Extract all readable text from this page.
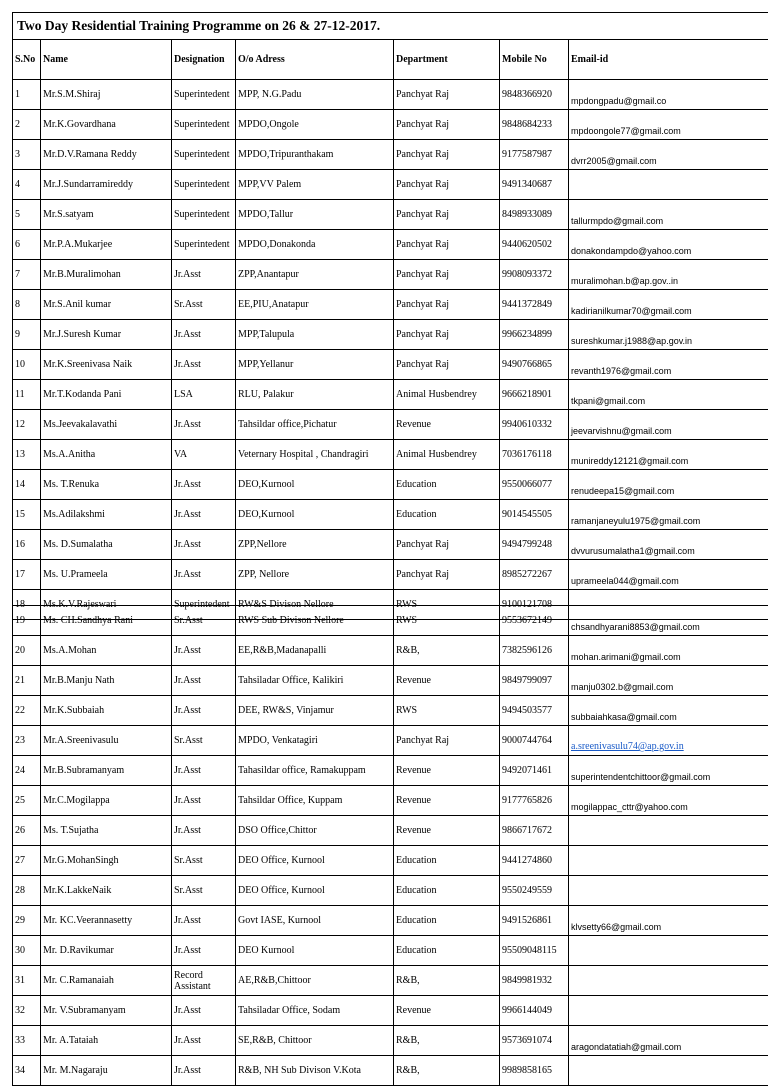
Two Day Residential Training Programme on 26 & 27-12-2017.						
S.No	Name	Designation	O/o Adress	Department	Mobile No	Email-id
1	Mr.S.M.Shiraj	Superintedent	MPP, N.G.Padu	Panchyat Raj	9848366920	mpdongpadu@gmail.co
2	Mr.K.Govardhana	Superintedent	MPDO,Ongole	Panchyat Raj	9848684233	mpdoongole77@gmail.com
3	Mr.D.V.Ramana Reddy	Superintedent	MPDO,Tripuranthakam	Panchyat Raj	9177587987	dvrr2005@gmail.com
4	Mr.J.Sundarramireddy	Superintedent	MPP,VV Palem	Panchyat Raj	9491340687	
5	Mr.S.satyam	Superintedent	MPDO,Tallur	Panchyat Raj	8498933089	tallurmpdo@gmail.com
6	Mr.P.A.Mukarjee	Superintedent	MPDO,Donakonda	Panchyat Raj	9440620502	donakondampdo@yahoo.com
7	Mr.B.Muralimohan	Jr.Asst	ZPP,Anantapur	Panchyat Raj	9908093372	muralimohan.b@ap.gov..in
8	Mr.S.Anil kumar	Sr.Asst	EE,PIU,Anatapur	Panchyat Raj	9441372849	kadirianilkumar70@gmail.com
9	Mr.J.Suresh Kumar	Jr.Asst	MPP,Talupula	Panchyat Raj	9966234899	sureshkumar.j1988@ap.gov.in
10	Mr.K.Sreenivasa Naik	Jr.Asst	MPP,Yellanur	Panchyat Raj	9490766865	revanth1976@gmail.com
11	Mr.T.Kodanda Pani	LSA	RLU, Palakur	Animal Husbendrey	9666218901	tkpani@gmail.com
12	Ms.Jeevakalavathi	Jr.Asst	Tahsildar office,Pichatur	Revenue	9940610332	jeevarvishnu@gmail.com
13	Ms.A.Anitha	VA	Veternary Hospital , Chandragiri	Animal Husbendrey	7036176118	munireddy12121@gmail.com
14	Ms. T.Renuka	Jr.Asst	DEO,Kurnool	Education	9550066077	renudeepa15@gmail.com
15	Ms.Adilakshmi	Jr.Asst	DEO,Kurnool	Education	9014545505	ramanjaneyulu1975@gmail.com
16	Ms. D.Sumalatha	Jr.Asst	ZPP,Nellore	Panchyat Raj	9494799248	dvvurusumalatha1@gmail.com
17	Ms. U.Prameela	Jr.Asst	ZPP, Nellore	Panchyat Raj	8985272267	uprameela044@gmail.com
18	Ms.K.V.Rajeswari	Superintedent	RW&S Divison Nellore	RWS	9100121708	
19	Ms. CH.Sandhya Rani	Sr.Asst	RWS Sub Divison Nellore	RWS	9553672149	chsandhyarani8853@gmail.com
20	Ms.A.Mohan	Jr.Asst	EE,R&B,Madanapalli	R&B,	7382596126	mohan.arimani@gmail.com
21	Mr.B.Manju Nath	Jr.Asst	Tahsiladar Office, Kalikiri	Revenue	9849799097	manju0302.b@gmail.com
22	Mr.K.Subbaiah	Jr.Asst	DEE, RW&S, Vinjamur	RWS	9494503577	subbaiahkasa@gmail.com
23	Mr.A.Sreenivasulu	Sr.Asst	MPDO, Venkatagiri	Panchyat Raj	9000744764	a.sreenivasulu74@ap.gov.in
24	Mr.B.Subramanyam	Jr.Asst	Tahasildar office, Ramakuppam	Revenue	9492071461	superintendentchittoor@gmail.com
25	Mr.C.Mogilappa	Jr.Asst	Tahsildar Office, Kuppam	Revenue	9177765826	mogilappac_cttr@yahoo.com
26	Ms. T.Sujatha	Jr.Asst	DSO Office,Chittor	Revenue	9866717672	
27	Mr.G.MohanSingh	Sr.Asst	DEO Office, Kurnool	Education	9441274860	
28	Mr.K.LakkeNaik	Sr.Asst	DEO Office, Kurnool	Education	9550249559	
29	Mr. KC.Veerannasetty	Jr.Asst	Govt IASE, Kurnool	Education	9491526861	klvsetty66@gmail.com
30	Mr. D.Ravikumar	Jr.Asst	DEO Kurnool	Education	95509048115	
31	Mr. C.Ramanaiah	Record Assistant	AE,R&B,Chittoor	R&B,	9849981932	
32	Mr. V.Subramanyam	Jr.Asst	Tahsiladar Office, Sodam	Revenue	9966144049	
33	Mr. A.Tataiah	Jr.Asst	SE,R&B, Chittoor	R&B,	9573691074	aragondatatiah@gmail.com
34	Mr. M.Nagaraju	Jr.Asst	R&B, NH Sub Divison V.Kota	R&B,	9989858165	
